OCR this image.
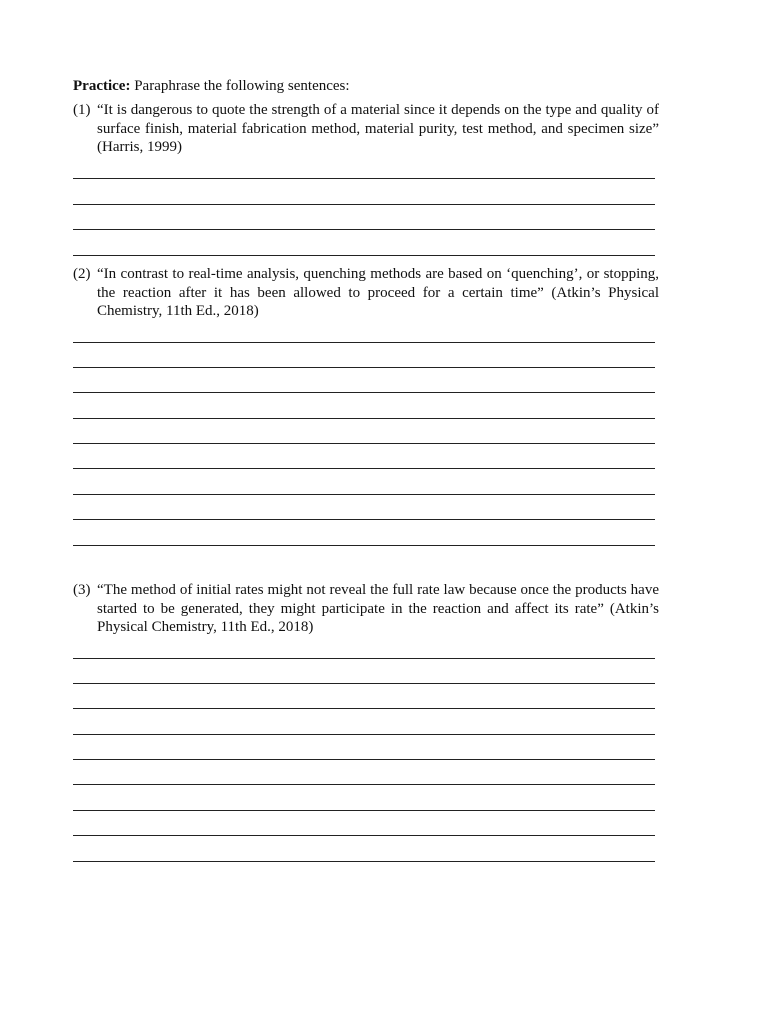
Practice: Paraphrase the following sentences:

(1) “It is dangerous to quote the strength of a material since it depends on the type and quality of surface finish, material fabrication method, material purity, test method, and specimen size” (Harris, 1999)

(2) “In contrast to real-time analysis, quenching methods are based on ‘quenching’, or stopping, the reaction after it has been allowed to proceed for a certain time” (Atkin’s Physical Chemistry, 11th Ed., 2018)

(3) “The method of initial rates might not reveal the full rate law because once the products have started to be generated, they might participate in the reaction and affect its rate” (Atkin’s Physical Chemistry, 11th Ed., 2018)
